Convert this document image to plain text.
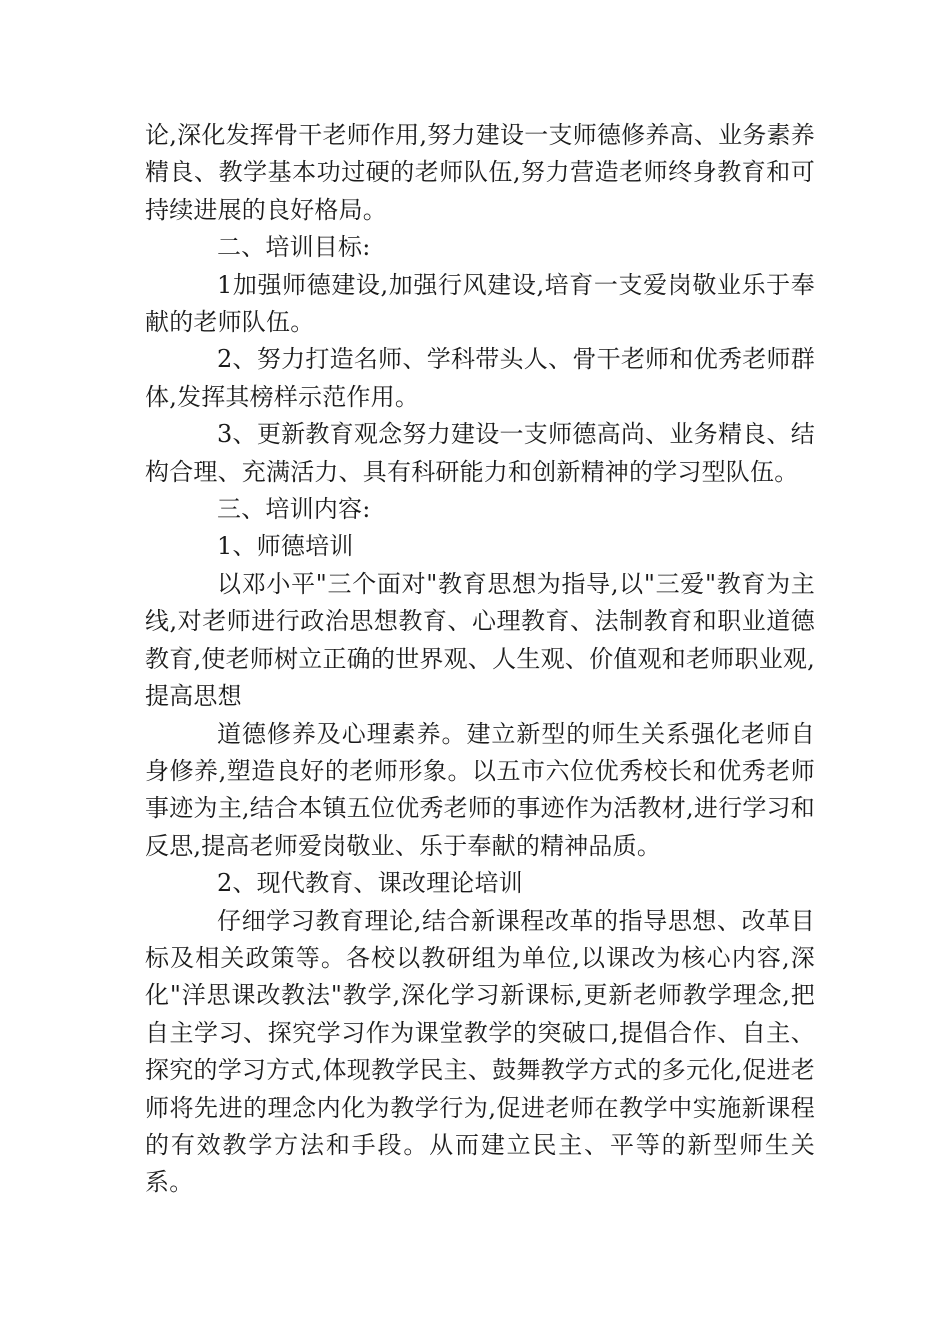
论,深化发挥骨干老师作用,努力建设一支师德修养高、业务素养精良、教学基本功过硬的老师队伍,努力营造老师终身教育和可持续进展的良好格局。

二、培训目标:

1加强师德建设,加强行风建设,培育一支爱岗敬业乐于奉献的老师队伍。

2、努力打造名师、学科带头人、骨干老师和优秀老师群体,发挥其榜样示范作用。

3、更新教育观念努力建设一支师德高尚、业务精良、结构合理、充满活力、具有科研能力和创新精神的学习型队伍。

三、培训内容:

1、师德培训

以邓小平"三个面对"教育思想为指导,以"三爱"教育为主线,对老师进行政治思想教育、心理教育、法制教育和职业道德教育,使老师树立正确的世界观、人生观、价值观和老师职业观,提高思想

道德修养及心理素养。建立新型的师生关系强化老师自身修养,塑造良好的老师形象。以五市六位优秀校长和优秀老师事迹为主,结合本镇五位优秀老师的事迹作为活教材,进行学习和反思,提高老师爱岗敬业、乐于奉献的精神品质。

2、现代教育、课改理论培训

仔细学习教育理论,结合新课程改革的指导思想、改革目标及相关政策等。各校以教研组为单位,以课改为核心内容,深化"洋思课改教法"教学,深化学习新课标,更新老师教学理念,把自主学习、探究学习作为课堂教学的突破口,提倡合作、自主、探究的学习方式,体现教学民主、鼓舞教学方式的多元化,促进老师将先进的理念内化为教学行为,促进老师在教学中实施新课程的有效教学方法和手段。从而建立民主、平等的新型师生关系。
